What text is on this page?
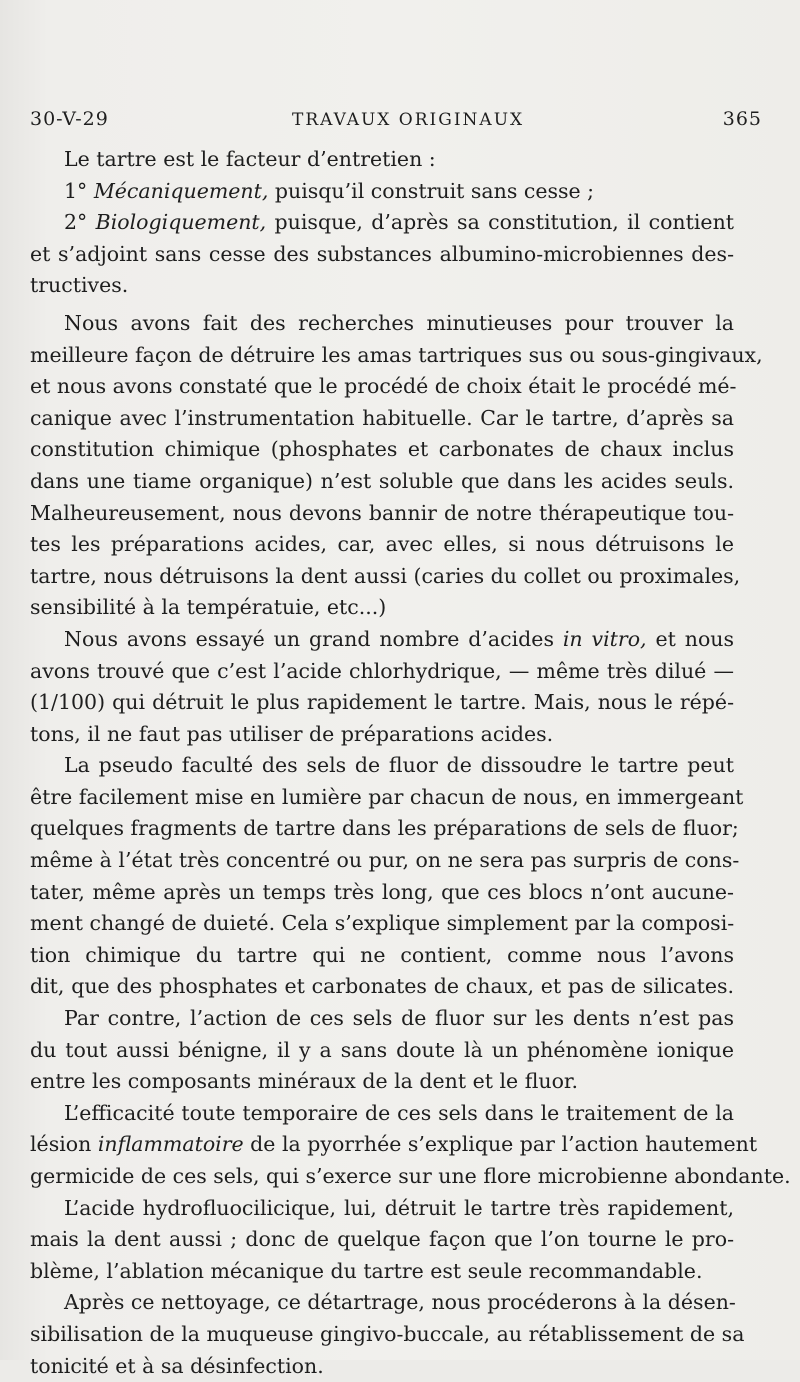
30-V-29	TRAVAUX ORIGINAUX	365
Le tartre est le facteur d’entretien :
1° Mécaniquement, puisqu’il construit sans cesse ;
2° Biologiquement, puisque, d’après sa constitution, il contient
et s’adjoint sans cesse des substances albumino-microbiennes des-
tructives.
Nous avons fait des recherches minutieuses pour trouver la
meilleure façon de détruire les amas tartriques sus ou sous-gingivaux,
et nous avons constaté que le procédé de choix était le procédé mé-
canique avec l’instrumentation habituelle. Car le tartre, d’après sa
constitution chimique (phosphates et carbonates de chaux inclus
dans une tiame organique) n’est soluble que dans les acides seuls.
Malheureusement, nous devons bannir de notre thérapeutique tou-
tes les préparations acides, car, avec elles, si nous détruisons le
tartre, nous détruisons la dent aussi (caries du collet ou proximales,
sensibilité à la températuie, etc...)
Nous avons essayé un grand nombre d’acides in vitro, et nous
avons trouvé que c’est l’acide chlorhydrique, — même très dilué —
(1/100) qui détruit le plus rapidement le tartre. Mais, nous le répé-
tons, il ne faut pas utiliser de préparations acides.
La pseudo faculté des sels de fluor de dissoudre le tartre peut
être facilement mise en lumière par chacun de nous, en immergeant
quelques fragments de tartre dans les préparations de sels de fluor;
même à l’état très concentré ou pur, on ne sera pas surpris de cons-
tater, même après un temps très long, que ces blocs n’ont aucune-
ment changé de duieté. Cela s’explique simplement par la composi-
tion chimique du tartre qui ne contient, comme nous l’avons
dit, que des phosphates et carbonates de chaux, et pas de silicates.
Par contre, l’action de ces sels de fluor sur les dents n’est pas
du tout aussi bénigne, il y a sans doute là un phénomène ionique
entre les composants minéraux de la dent et le fluor.
L’efficacité toute temporaire de ces sels dans le traitement de la
lésion inflammatoire de la pyorrhée s’explique par l’action hautement
germicide de ces sels, qui s’exerce sur une flore microbienne abondante.
L’acide hydrofluocilicique, lui, détruit le tartre très rapidement,
mais la dent aussi ; donc de quelque façon que l’on tourne le pro-
blème, l’ablation mécanique du tartre est seule recommandable.
Après ce nettoyage, ce détartrage, nous procéderons à la désen-
sibilisation de la muqueuse gingivo-buccale, au rétablissement de sa
tonicité et à sa désinfection.
